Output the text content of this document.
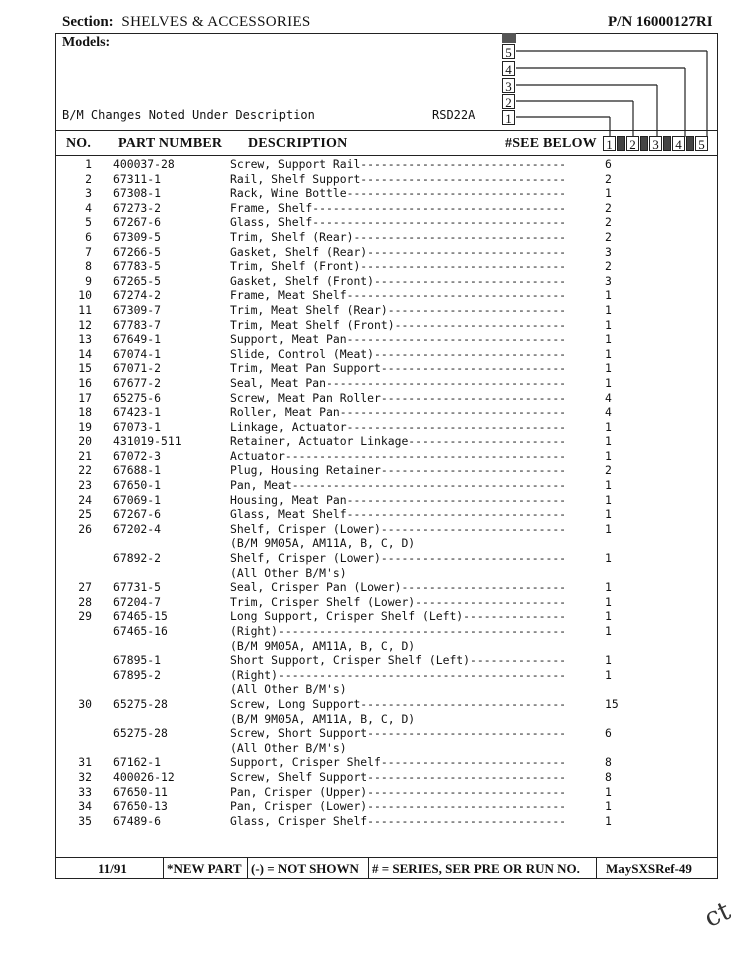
Section: SHELVES & ACCESSORIES	P/N 16000127RI
Models:
B/M Changes Noted Under Description	RSD22A
5
4
3
2
1
NO. PART NUMBER DESCRIPTION	#SEE BELOW 1 2 3 4 5
1 400037-28	Screw, Support Rail------------------------------	6
2 67311-1	Rail, Shelf Support------------------------------	2
3 67308-1	Rack, Wine Bottle--------------------------------	1
4 67273-2	Frame, Shelf-------------------------------------	2
5 67267-6	Glass, Shelf-------------------------------------	2
6 67309-5	Trim, Shelf (Rear)-------------------------------	2
7 67266-5	Gasket, Shelf (Rear)-----------------------------	3
8 67783-5	Trim, Shelf (Front)------------------------------	2
9 67265-5	Gasket, Shelf (Front)----------------------------	3
10 67274-2	Frame, Meat Shelf--------------------------------	1
11 67309-7	Trim, Meat Shelf (Rear)--------------------------	1
12 67783-7	Trim, Meat Shelf (Front)-------------------------	1
13 67649-1	Support, Meat Pan--------------------------------	1
14 67074-1	Slide, Control (Meat)----------------------------	1
15 67071-2	Trim, Meat Pan Support---------------------------	1
16 67677-2	Seal, Meat Pan-----------------------------------	1
17 65275-6	Screw, Meat Pan Roller---------------------------	4
18 67423-1	Roller, Meat Pan---------------------------------	4
19 67073-1	Linkage, Actuator--------------------------------	1
20 431019-511	Retainer, Actuator Linkage-----------------------	1
21 67072-3	Actuator-----------------------------------------	1
22 67688-1	Plug, Housing Retainer---------------------------	2
23 67650-1	Pan, Meat----------------------------------------	1
24 67069-1	Housing, Meat Pan--------------------------------	1
25 67267-6	Glass, Meat Shelf--------------------------------	1
26 67202-4	Shelf, Crisper (Lower)---------------------------	1
(B/M 9M05A, AM11A, B, C, D)
67892-2	Shelf, Crisper (Lower)---------------------------	1
(All Other B/M's)
27 67731-5	Seal, Crisper Pan (Lower)------------------------	1
28 67204-7	Trim, Crisper Shelf (Lower)----------------------	1
29 67465-15	Long Support, Crisper Shelf (Left)---------------	1
67465-16	(Right)------------------------------------------	1
(B/M 9M05A, AM11A, B, C, D)
67895-1	Short Support, Crisper Shelf (Left)--------------	1
67895-2	(Right)------------------------------------------	1
(All Other B/M's)
30 65275-28	Screw, Long Support------------------------------	15
(B/M 9M05A, AM11A, B, C, D)
65275-28	Screw, Short Support-----------------------------	6
(All Other B/M's)
31 67162-1	Support, Crisper Shelf---------------------------	8
32 400026-12	Screw, Shelf Support-----------------------------	8
33 67650-11	Pan, Crisper (Upper)-----------------------------	1
34 67650-13	Pan, Crisper (Lower)-----------------------------	1
35 67489-6	Glass, Crisper Shelf-----------------------------	1
11/91	*NEW PART (-) = NOT SHOWN # = SERIES, SER PRE OR RUN NO. MaySXSRef-49
ct
